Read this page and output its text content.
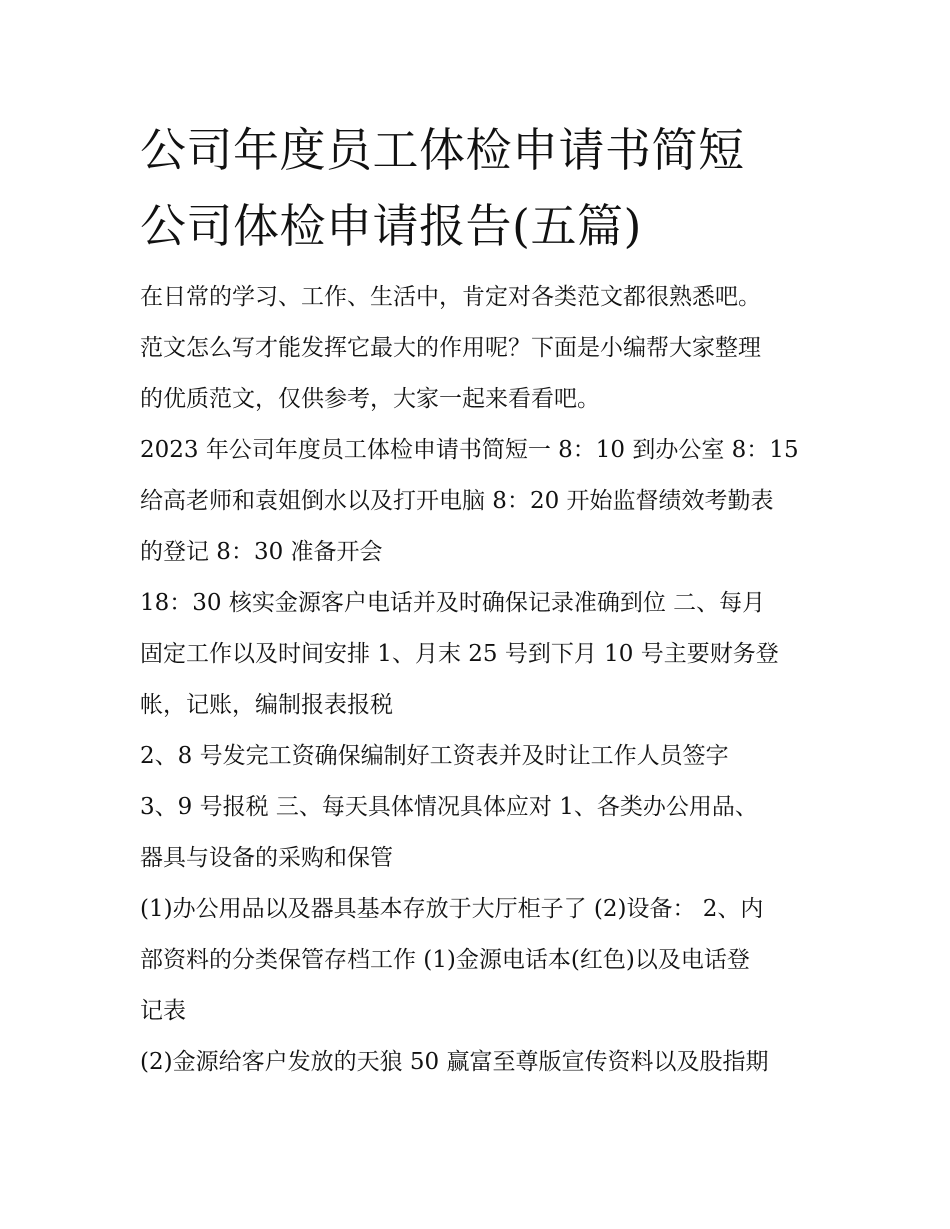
公司年度员工体检申请书简短
公司体检申请报告(五篇)

在日常的学习、工作、生活中，肯定对各类范文都很熟悉吧。
范文怎么写才能发挥它最大的作用呢？下面是小编帮大家整理
的优质范文，仅供参考，大家一起来看看吧。

2023 年公司年度员工体检申请书简短一 8：10 到办公室 8：15
给高老师和袁姐倒水以及打开电脑 8：20 开始监督绩效考勤表
的登记 8：30 准备开会

18：30 核实金源客户电话并及时确保记录准确到位 二、每月
固定工作以及时间安排 1、月末 25 号到下月 10 号主要财务登
帐，记账，编制报表报税

2、8 号发完工资确保编制好工资表并及时让工作人员签字

3、9 号报税 三、每天具体情况具体应对 1、各类办公用品、
器具与设备的采购和保管

(1)办公用品以及器具基本存放于大厅柜子了 (2)设备： 2、内
部资料的分类保管存档工作 (1)金源电话本(红色)以及电话登
记表

(2)金源给客户发放的天狼 50 赢富至尊版宣传资料以及股指期
